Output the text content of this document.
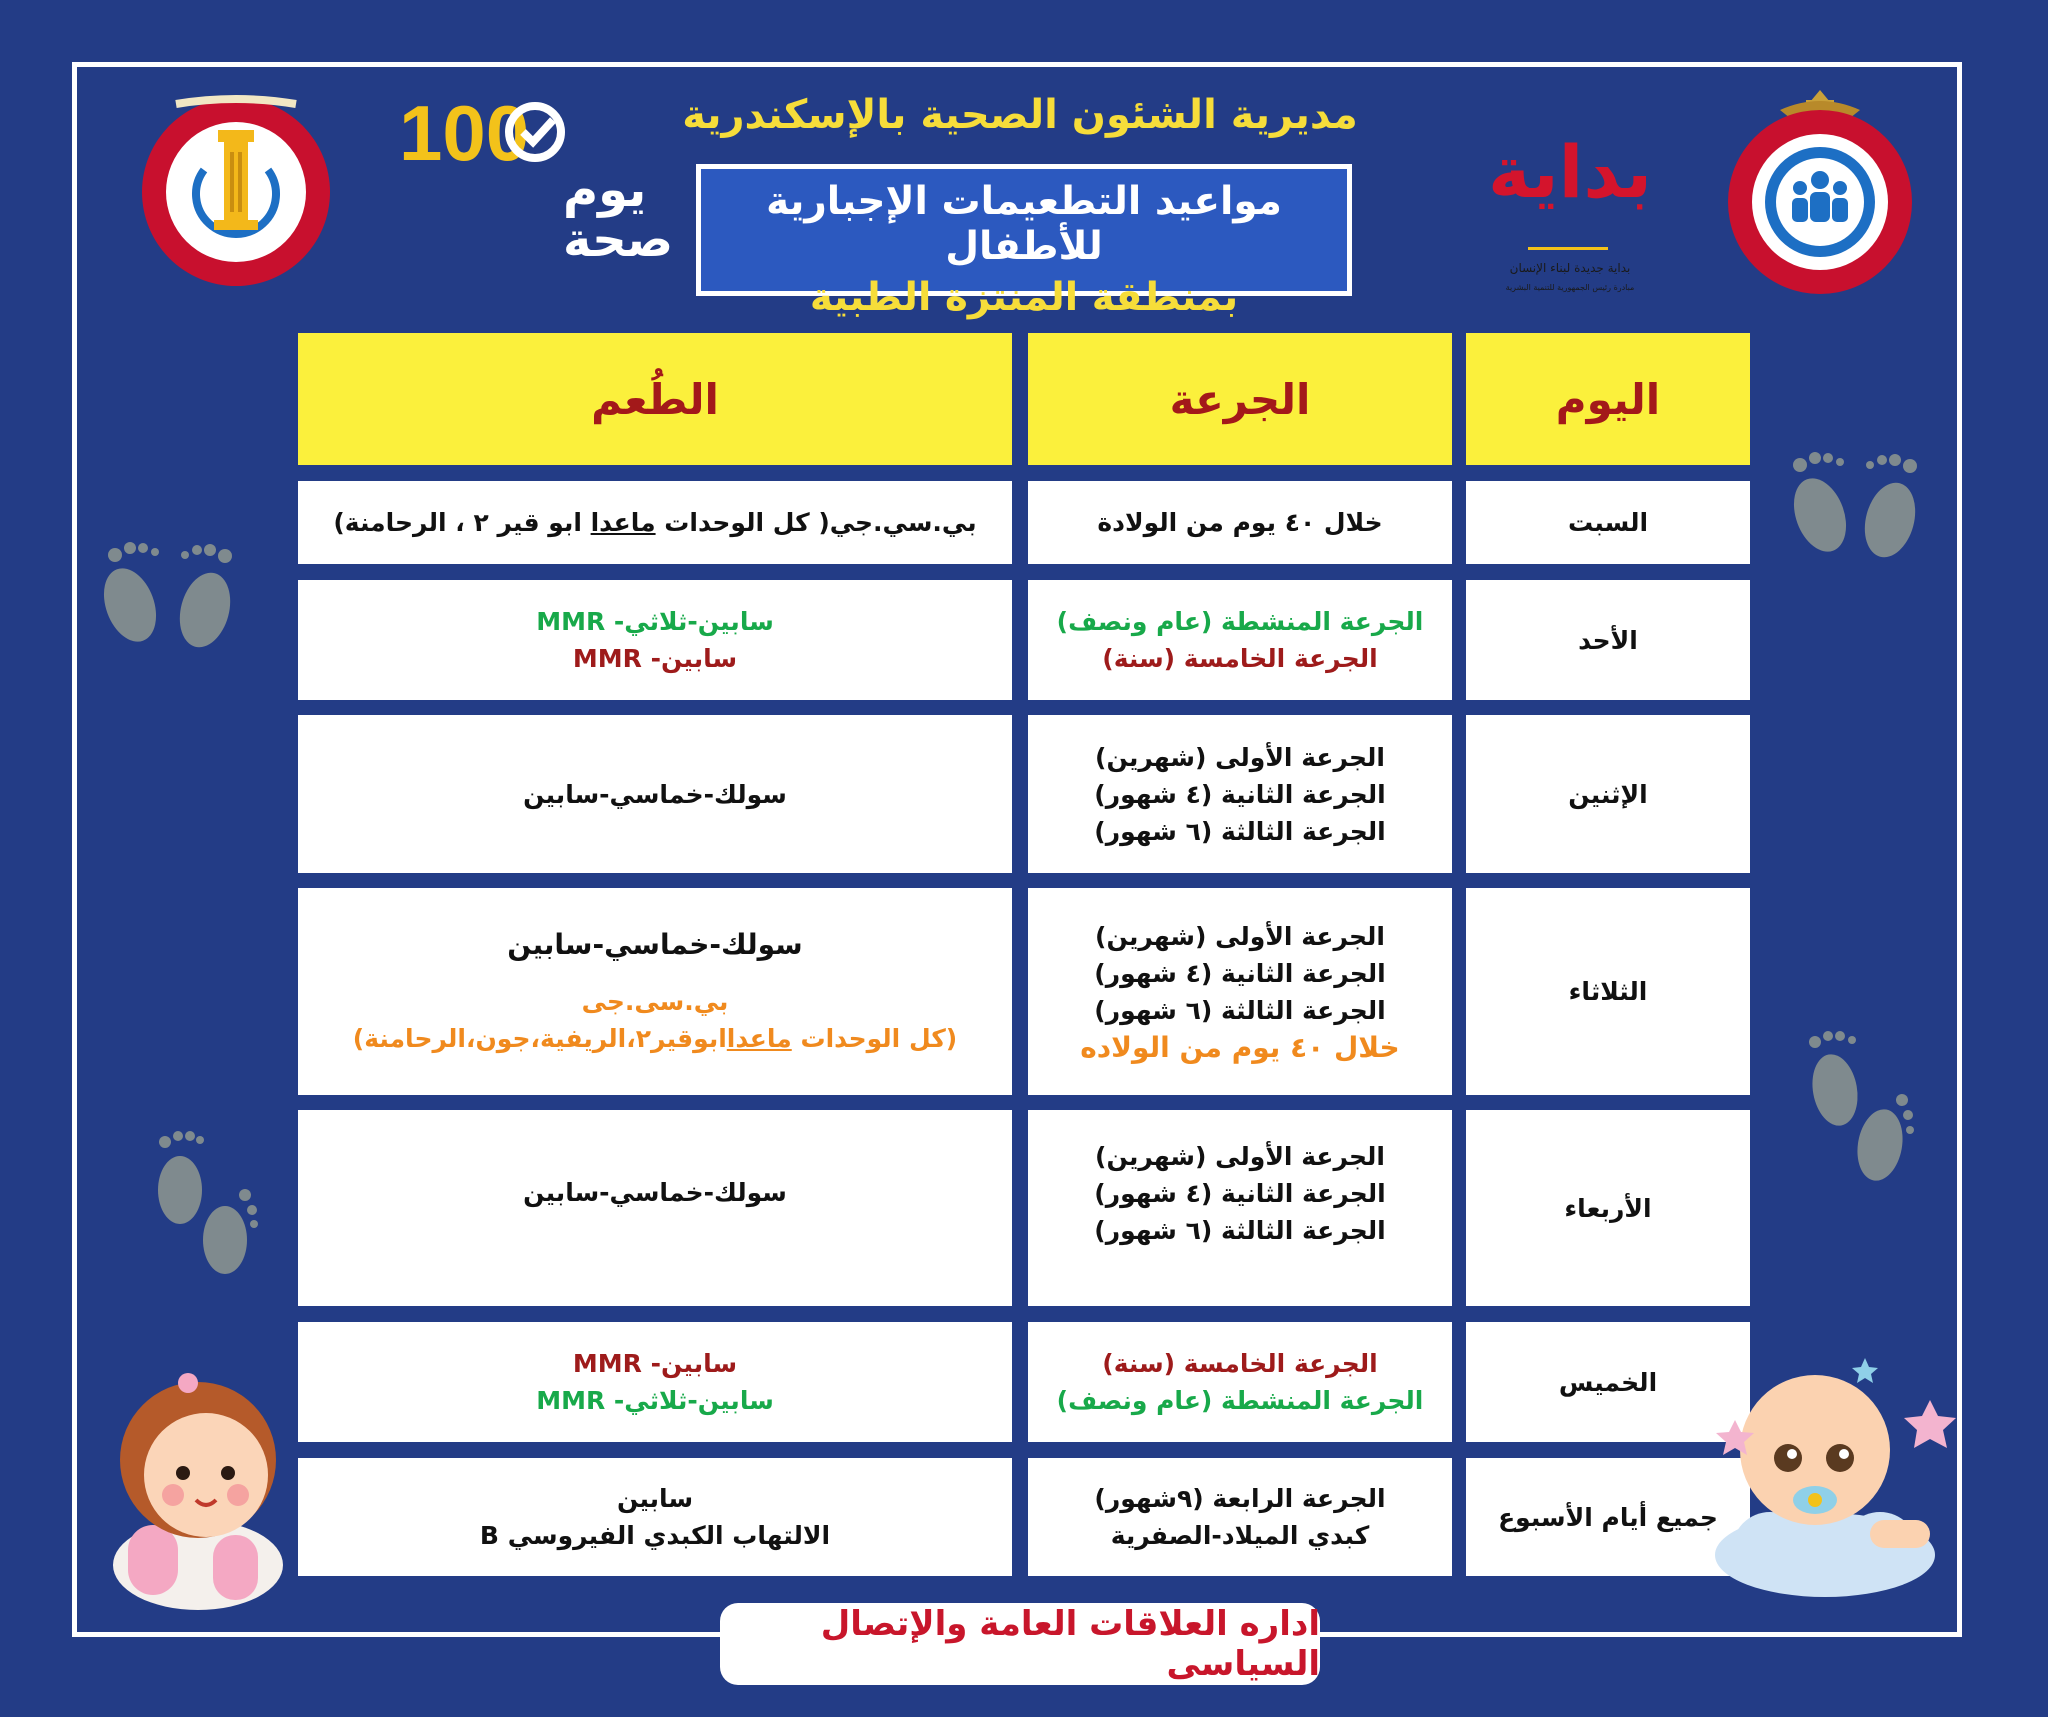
100
يوم
صحة
بداية
بداية جديدة لبناء الإنسان
مبادرة رئيس الجمهورية للتنمية البشرية
مديرية الشئون الصحية بالإسكندرية
مواعيد التطعيمات الإجبارية للأطفال
بمنطقة المنتزة الطبية
اليوم
الجرعة
الطُعم
السبت
خلال ٤٠ يوم من الولادة
بي.سي.جي( كل الوحدات ماعدا ابو قير ٢ ، الرحامنة)
الأحد
الجرعة المنشطة (عام ونصف)
الجرعة الخامسة (سنة)
سابين-ثلاثي- MMR
سابين- MMR
الإثنين
الجرعة الأولى (شهرين)
الجرعة الثانية (٤ شهور)
الجرعة الثالثة (٦ شهور)
سولك-خماسي-سابين
الثلاثاء
الجرعة الأولى (شهرين)
الجرعة الثانية (٤ شهور)
الجرعة الثالثة (٦ شهور)
خلال ٤٠ يوم من الولاده
سولك-خماسي-سابين
بي.سى.جى
(كل الوحدات ماعداابوقير٢،الريفية،جون،الرحامنة)
الأربعاء
الجرعة الأولى (شهرين)
الجرعة الثانية (٤ شهور)
الجرعة الثالثة (٦ شهور)
سولك-خماسي-سابين
الخميس
الجرعة الخامسة (سنة)
الجرعة المنشطة (عام ونصف)
سابين- MMR
سابين-ثلاثي- MMR
جميع أيام الأسبوع
الجرعة الرابعة (٩شهور)
كبدي الميلاد-الصفرية
سابين
الالتهاب الكبدي الفيروسي B
اداره العلاقات العامة والإتصال السياسى
